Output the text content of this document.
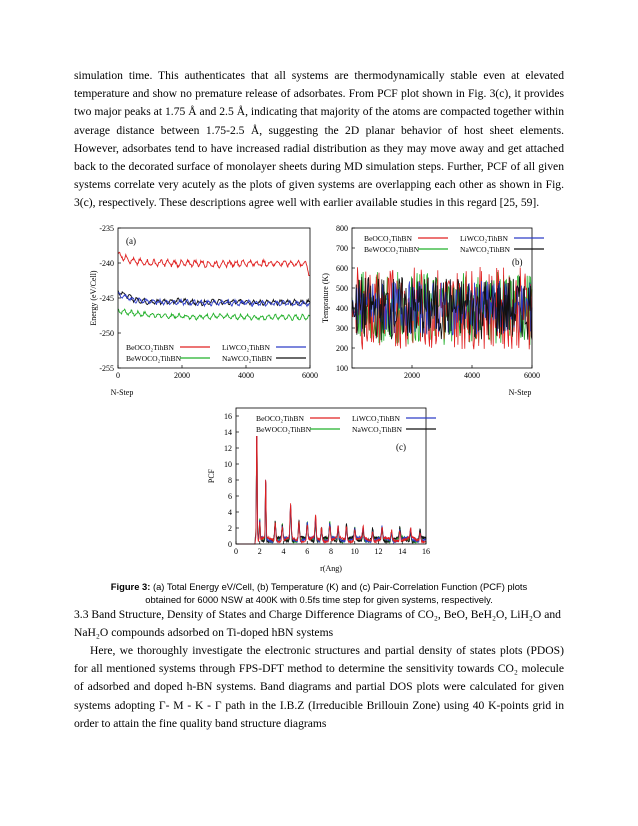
simulation time. This authenticates that all systems are thermodynamically stable even at elevated temperature and show no premature release of adsorbates. From PCF plot shown in Fig. 3(c), it provides two major peaks at 1.75 Å and 2.5 Å, indicating that majority of the atoms are compacted together within average distance between 1.75-2.5 Å, suggesting the 2D planar behavior of host sheet elements. However, adsorbates tend to have increased radial distribution as they may move away and get attached back to the decorated surface of monolayer sheets during MD simulation steps. Further, PCF of all given systems correlate very acutely as the plots of given systems are overlapping each other as shown in Fig. 3(c), respectively. These descriptions agree well with earlier available studies in this regard [25, 59].

-235
-240
-245
-250
-255
0	2000	4000	6000
N-Step
Energy (eV/Cell)
(a)
BeOCO₂TihBN	LiWCO₂TihBN
BeWOCO₂TihBN	NaWCO₂TihBN
800
700
600
500
400
300
200
100
2000	4000	6000
N-Step
Temprature (K)
(b)
BeOCO₂TihBN	LiWCO₂TihBN
BeWOCO₂TihBN	NaWCO₂TihBN
16
14
12
10
8
6
4
2
0
0 2 4 6 8 10 12 14 16
r(Ang)
PCF
(c)
BeOCO₂TihBN	LiWCO₂TihBN
BeWOCO₂TihBN	NaWCO₂TihBN
Figure 3: (a) Total Energy eV/Cell, (b) Temperature (K) and (c) Pair-Correlation Function (PCF) plots obtained for 6000 NSW at 400K with 0.5fs time step for given systems, respectively.

3.3 Band Structure, Density of States and Charge Difference Diagrams of CO₂, BeO, BeH₂O, LiH₂O and NaH₂O compounds adsorbed on Ti-doped hBN systems

Here, we thoroughly investigate the electronic structures and partial density of states plots (PDOS) for all mentioned systems through FPS-DFT method to determine the sensitivity towards CO₂ molecule of adsorbed and doped h-BN systems. Band diagrams and partial DOS plots were calculated for given systems adopting Γ- M - K - Γ path in the I.B.Z (Irreducible Brillouin Zone) using 40 K-points grid in order to attain the fine quality band structure diagrams
